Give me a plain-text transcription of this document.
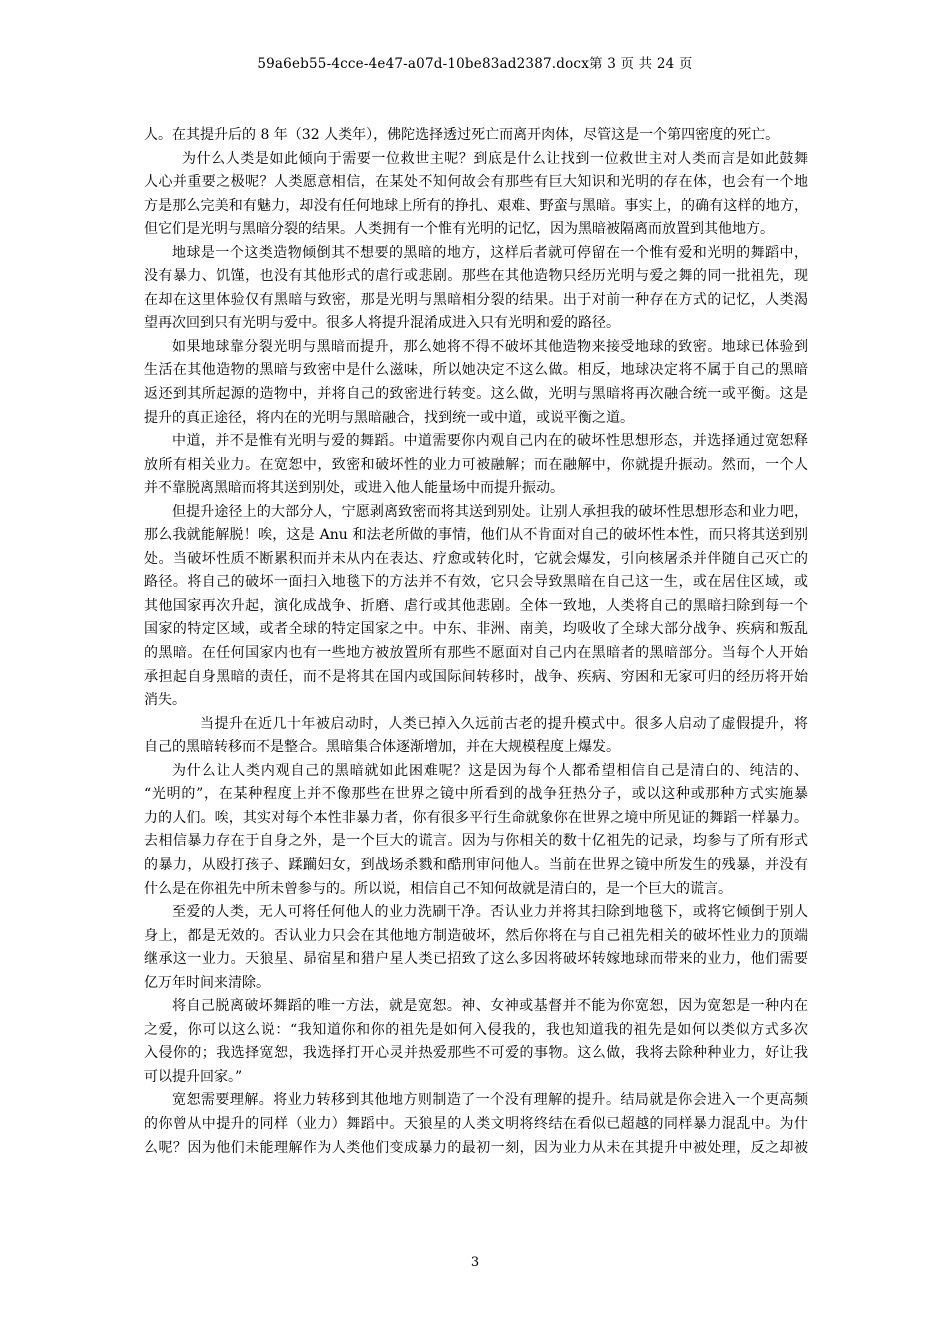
59a6eb55-4cce-4e47-a07d-10be83ad2387.docx第 3 页 共 24 页
人。在其提升后的 8 年（32 人类年），佛陀选择透过死亡而离开肉体，尽管这是一个第四密度的死亡。
为什么人类是如此倾向于需要一位救世主呢？到底是什么让找到一位救世主对人类而言是如此鼓舞
人心并重要之极呢？人类愿意相信，在某处不知何故会有那些有巨大知识和光明的存在体，也会有一个地
方是那么完美和有魅力，却没有任何地球上所有的挣扎、艰难、野蛮与黑暗。事实上，的确有这样的地方，
但它们是光明与黑暗分裂的结果。人类拥有一个惟有光明的记忆，因为黑暗被隔离而放置到其他地方。
地球是一个这类造物倾倒其不想要的黑暗的地方，这样后者就可停留在一个惟有爱和光明的舞蹈中，
没有暴力、饥馑，也没有其他形式的虐行或悲剧。那些在其他造物只经历光明与爱之舞的同一批祖先，现
在却在这里体验仅有黑暗与致密，那是光明与黑暗相分裂的结果。出于对前一种存在方式的记忆，人类渴
望再次回到只有光明与爱中。很多人将提升混淆成进入只有光明和爱的路径。
如果地球靠分裂光明与黑暗而提升，那么她将不得不破坏其他造物来接受地球的致密。地球已体验到
生活在其他造物的黑暗与致密中是什么滋味，所以她决定不这么做。相反，地球决定将不属于自己的黑暗
返还到其所起源的造物中，并将自己的致密进行转变。这么做，光明与黑暗将再次融合统一或平衡。这是
提升的真正途径，将内在的光明与黑暗融合，找到统一或中道，或说平衡之道。
中道，并不是惟有光明与爱的舞蹈。中道需要你内观自己内在的破坏性思想形态，并选择通过宽恕释
放所有相关业力。在宽恕中，致密和破坏性的业力可被融解；而在融解中，你就提升振动。然而，一个人
并不靠脱离黑暗而将其送到别处，或进入他人能量场中而提升振动。
但提升途径上的大部分人，宁愿剥离致密而将其送到别处。让别人承担我的破坏性思想形态和业力吧，
那么我就能解脱！唉，这是 Anu 和法老所做的事情，他们从不肯面对自己的破坏性本性，而只将其送到别
处。当破坏性质不断累积而并未从内在表达、疗愈或转化时，它就会爆发，引向核屠杀并伴随自己灭亡的
路径。将自己的破坏一面扫入地毯下的方法并不有效，它只会导致黑暗在自己这一生，或在居住区域，或
其他国家再次升起，演化成战争、折磨、虐行或其他悲剧。全体一致地，人类将自己的黑暗扫除到每一个
国家的特定区域，或者全球的特定国家之中。中东、非洲、南美，均吸收了全球大部分战争、疾病和叛乱
的黑暗。在任何国家内也有一些地方被放置所有那些不愿面对自己内在黑暗者的黑暗部分。当每个人开始
承担起自身黑暗的责任，而不是将其在国内或国际间转移时，战争、疾病、穷困和无家可归的经历将开始
消失。
当提升在近几十年被启动时，人类已掉入久远前古老的提升模式中。很多人启动了虚假提升，将
自己的黑暗转移而不是整合。黑暗集合体逐渐增加，并在大规模程度上爆发。
为什么让人类内观自己的黑暗就如此困难呢？这是因为每个人都希望相信自己是清白的、纯洁的、
“光明的”，在某种程度上并不像那些在世界之镜中所看到的战争狂热分子，或以这种或那种方式实施暴
力的人们。唉，其实对每个本性非暴力者，你有很多平行生命就象你在世界之境中所见证的舞蹈一样暴力。
去相信暴力存在于自身之外，是一个巨大的谎言。因为与你相关的数十亿祖先的记录，均参与了所有形式
的暴力，从殴打孩子、蹂躏妇女，到战场杀戮和酷刑审问他人。当前在世界之镜中所发生的残暴，并没有
什么是在你祖先中所未曾参与的。所以说，相信自己不知何故就是清白的，是一个巨大的谎言。
至爱的人类，无人可将任何他人的业力洗刷干净。否认业力并将其扫除到地毯下，或将它倾倒于别人
身上，都是无效的。否认业力只会在其他地方制造破坏，然后你将在与自己祖先相关的破坏性业力的顶端
继承这一业力。天狼星、昴宿星和猎户星人类已招致了这么多因将破坏转嫁地球而带来的业力，他们需要
亿万年时间来清除。
将自己脱离破坏舞蹈的唯一方法，就是宽恕。神、女神或基督并不能为你宽恕，因为宽恕是一种内在
之爱，你可以这么说：“我知道你和你的祖先是如何入侵我的，我也知道我的祖先是如何以类似方式多次
入侵你的；我选择宽恕，我选择打开心灵并热爱那些不可爱的事物。这么做，我将去除种种业力，好让我
可以提升回家。”
宽恕需要理解。将业力转移到其他地方则制造了一个没有理解的提升。结局就是你会进入一个更高频
的你曾从中提升的同样（业力）舞蹈中。天狼星的人类文明将终结在看似已超越的同样暴力混乱中。为什
么呢？因为他们未能理解作为人类他们变成暴力的最初一刻，因为业力从未在其提升中被处理，反之却被
3
